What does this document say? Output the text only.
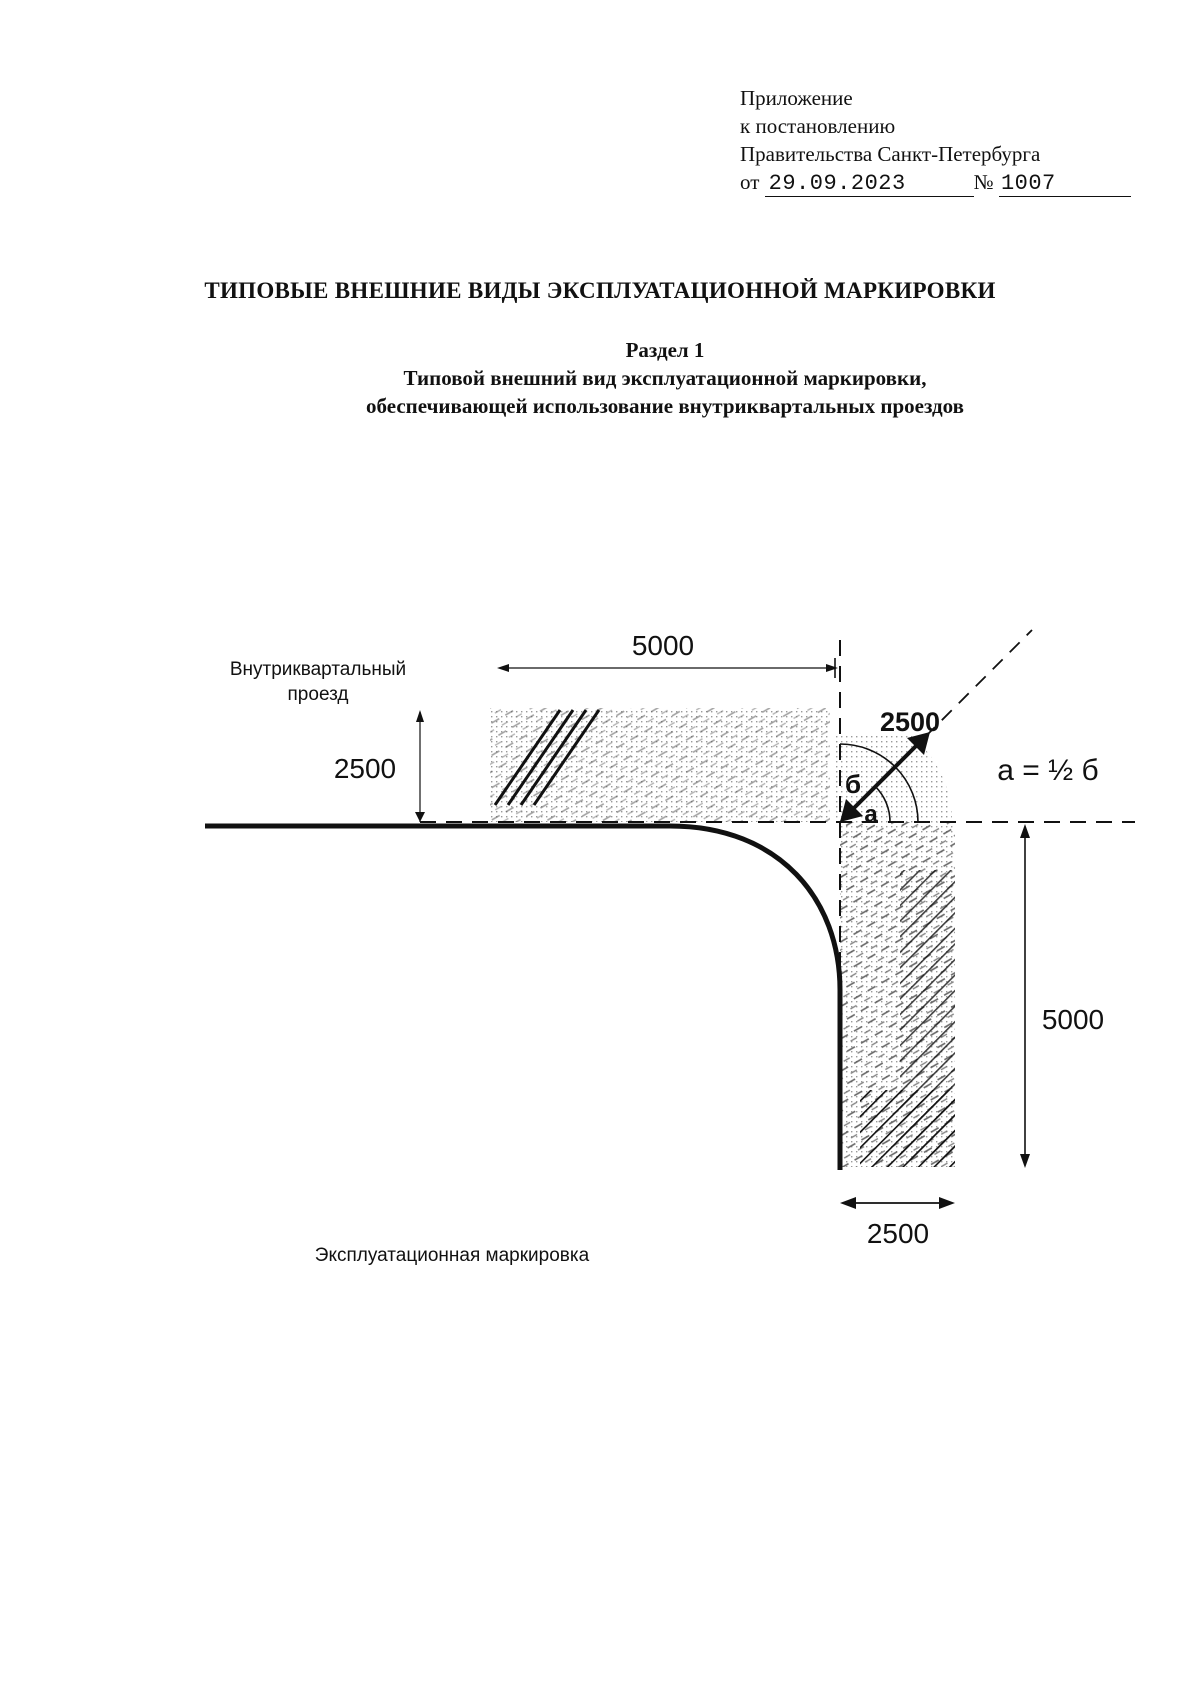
Приложение
к постановлению
Правительства Санкт-Петербурга
от 29.09.2023	№ 1007
ТИПОВЫЕ ВНЕШНИЕ ВИДЫ ЭКСПЛУАТАЦИОННОЙ МАРКИРОВКИ
Раздел 1
Типовой внешний вид эксплуатационной маркировки,
обеспечивающей использование внутриквартальных проездов
Внутриквартальный
проезд
5000
2500
2500
б
а
а = ½ б
5000
2500
Эксплуатационная маркировка
